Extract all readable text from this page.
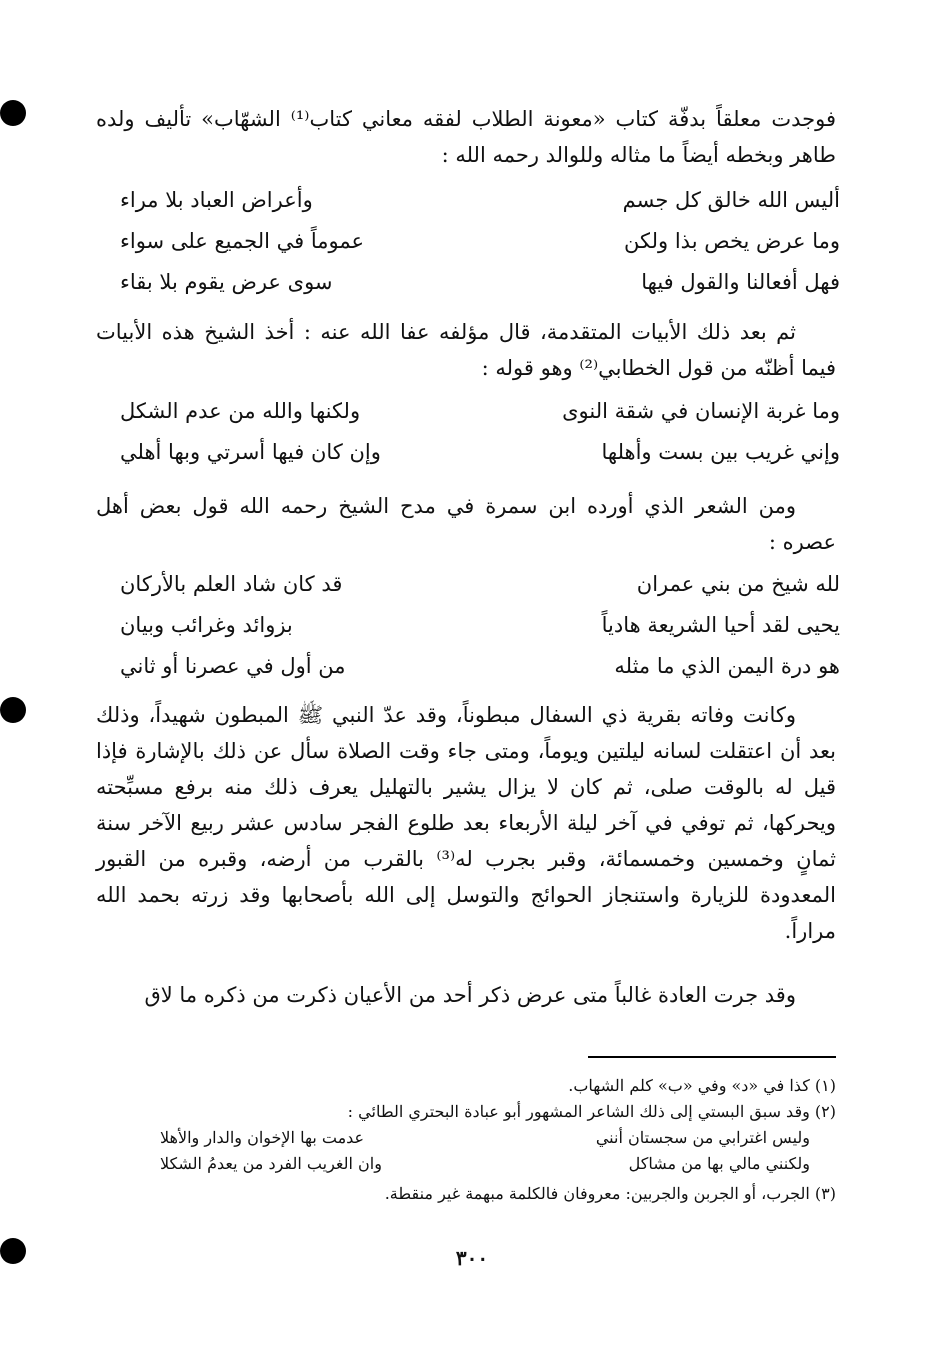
فوجدت معلقاً بدفّة كتاب «معونة الطلاب لفقه معاني كتاب⁽¹⁾ الشهّاب» تأليف ولده طاهر وبخطه أيضاً ما مثاله وللوالد رحمه الله :
أليس الله خالق كل جسم
وأعراض العباد بلا مراء
وما عرض يخص بذا ولكن
عموماً في الجميع على سواء
فهل أفعالنا والقول فيها
سوى عرض يقوم بلا بقاء
ثم بعد ذلك الأبيات المتقدمة، قال مؤلفه عفا الله عنه : أخذ الشيخ هذه الأبيات فيما أظنّه من قول الخطابي⁽²⁾ وهو قوله :
وما غربة الإنسان في شقة النوى
ولكنها والله من عدم الشكل
وإني غريب بين بست وأهلها
وإن كان فيها أسرتي وبها أهلي
ومن الشعر الذي أورده ابن سمرة في مدح الشيخ رحمه الله قول بعض أهل عصره :
لله شيخ من بني عمران
قد كان شاد العلم بالأركان
يحيى لقد أحيا الشريعة هادياً
بزوائد وغرائب وبيان
هو درة اليمن الذي ما مثله
من أول في عصرنا أو ثاني
وكانت وفاته بقرية ذي السفال مبطوناً، وقد عدّ النبي ﷺ المبطون شهيداً، وذلك بعد أن اعتقلت لسانه ليلتين ويوماً، ومتى جاء وقت الصلاة سأل عن ذلك بالإشارة فإذا قيل له بالوقت صلى، ثم كان لا يزال يشير بالتهليل يعرف ذلك منه برفع مسبِّحته ويحركها، ثم توفي في آخر ليلة الأربعاء بعد طلوع الفجر سادس عشر ربيع الآخر سنة ثمانٍ وخمسين وخمسمائة، وقبر بجرب له⁽³⁾ بالقرب من أرضه، وقبره من القبور المعدودة للزيارة واستنجاز الحوائج والتوسل إلى الله بأصحابها وقد زرته بحمد الله مراراً.
وقد جرت العادة غالباً متى عرض ذكر أحد من الأعيان ذكرت من ذكره ما لاق
(١) كذا في «د» وفي «ب» كلم الشهاب.
(٢) وقد سبق البستي إلى ذلك الشاعر المشهور أبو عبادة البحتري الطائي :
وليس اغترابي من سجستان أنني
عدمت بها الإخوان والدار والأهلا
ولكنني مالي بها من مشاكل
وان الغريب الفرد من يعدمُ الشكلا
(٣) الجرب، أو الجربن والجربين: معروفان فالكلمة مبهمة غير منقطة.
٣٠٠
